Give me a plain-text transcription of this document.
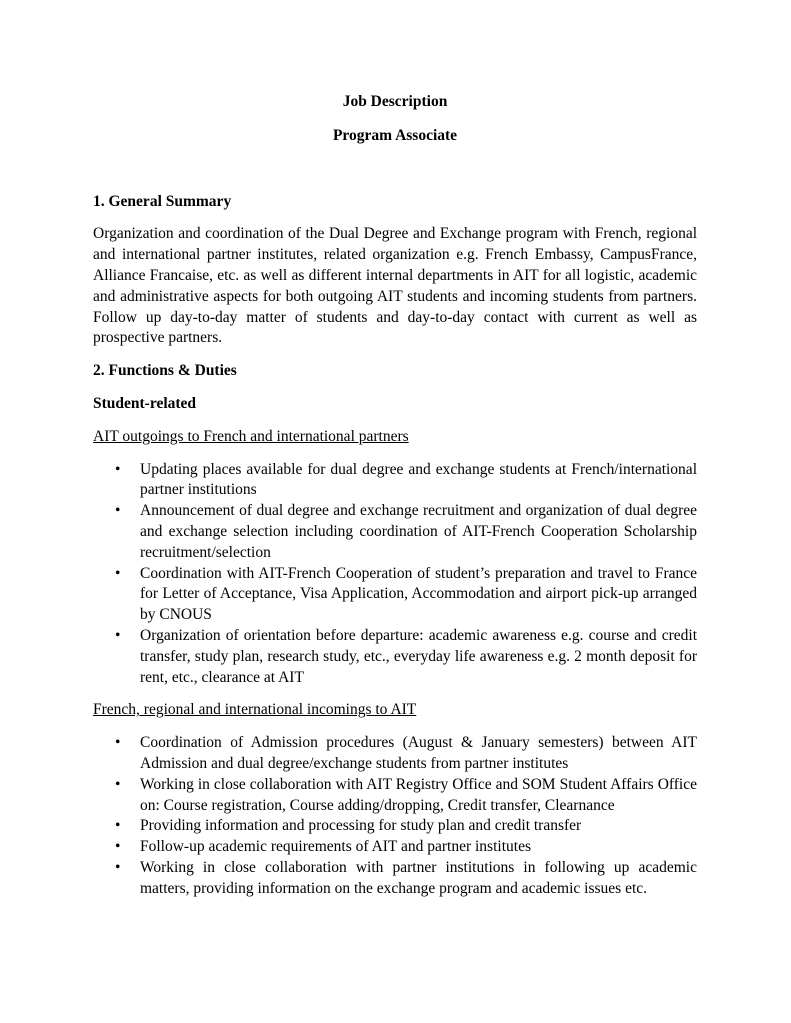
Job Description
Program Associate
1. General Summary

Organization and coordination of the Dual Degree and Exchange program with French, regional and international partner institutes, related organization e.g. French Embassy, CampusFrance, Alliance Francaise, etc. as well as different internal departments in AIT for all logistic, academic and administrative aspects for both outgoing AIT students and incoming students from partners. Follow up day-to-day matter of students and day-to-day contact with current as well as prospective partners.

2. Functions & Duties
Student-related

AIT outgoings to French and international partners

• Updating places available for dual degree and exchange students at French/international partner institutions
• Announcement of dual degree and exchange recruitment and organization of dual degree and exchange selection including coordination of AIT-French Cooperation Scholarship recruitment/selection
• Coordination with AIT-French Cooperation of student’s preparation and travel to France for Letter of Acceptance, Visa Application, Accommodation and airport pick-up arranged by CNOUS
• Organization of orientation before departure: academic awareness e.g. course and credit transfer, study plan, research study, etc., everyday life awareness e.g. 2 month deposit for rent, etc., clearance at AIT

French, regional and international incomings to AIT

• Coordination of Admission procedures (August & January semesters) between AIT Admission and dual degree/exchange students from partner institutes
• Working in close collaboration with AIT Registry Office and SOM Student Affairs Office on: Course registration, Course adding/dropping, Credit transfer, Clearnance
• Providing information and processing for study plan and credit transfer
• Follow-up academic requirements of AIT and partner institutes
• Working in close collaboration with partner institutions in following up academic matters, providing information on the exchange program and academic issues etc.
